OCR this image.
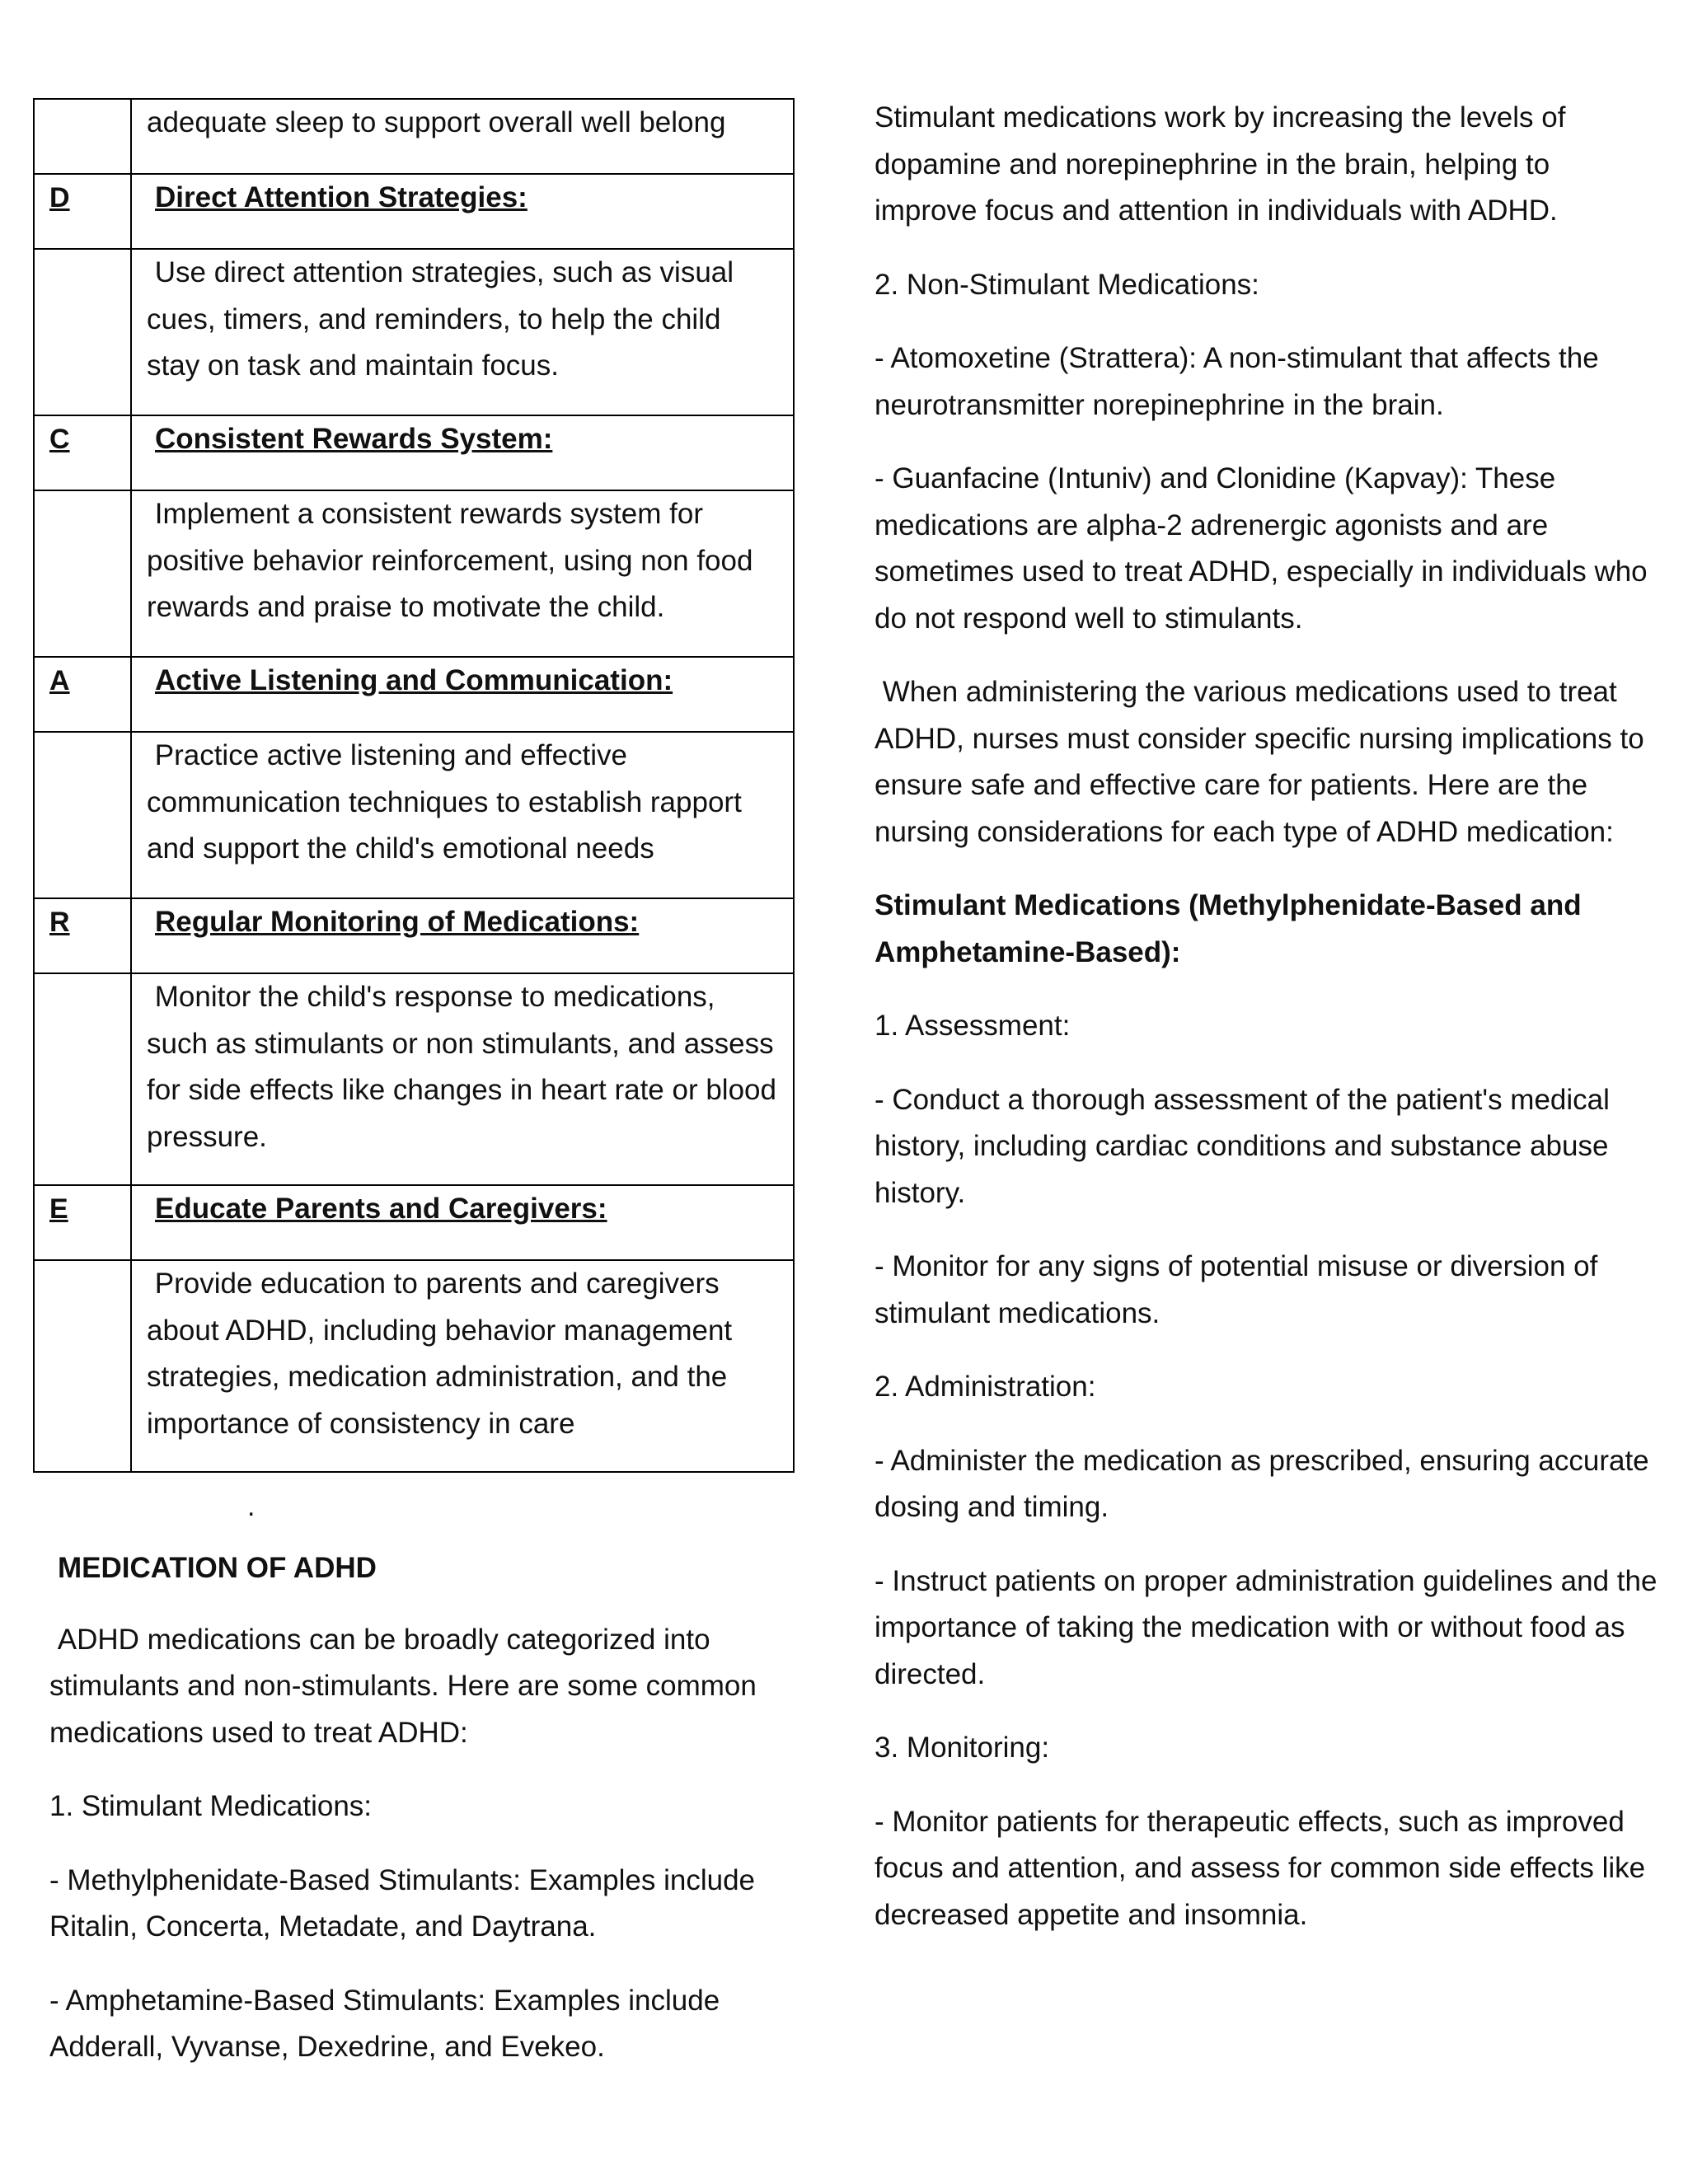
	adequate sleep to support overall well belong
D	Direct Attention Strategies:
	Use direct attention strategies, such as visual cues, timers, and reminders, to help the child stay on task and maintain focus.
C	Consistent Rewards System:
	Implement a consistent rewards system for positive behavior reinforcement, using non food rewards and praise to motivate the child.
A	Active Listening and Communication:
	Practice active listening and effective communication techniques to establish rapport and support the child's emotional needs
R	Regular Monitoring of Medications:
	Monitor the child's response to medications, such as stimulants or non stimulants, and assess for side effects like changes in heart rate or blood pressure.
E	Educate Parents and Caregivers:
	Provide education to parents and caregivers about ADHD, including behavior management strategies, medication administration, and the importance of consistency in care
.

MEDICATION OF ADHD

ADHD medications can be broadly categorized into stimulants and non-stimulants. Here are some common medications used to treat ADHD:

1. Stimulant Medications:

- Methylphenidate-Based Stimulants: Examples include Ritalin, Concerta, Metadate, and Daytrana.

- Amphetamine-Based Stimulants: Examples include Adderall, Vyvanse, Dexedrine, and Evekeo.

Stimulant medications work by increasing the levels of dopamine and norepinephrine in the brain, helping to improve focus and attention in individuals with ADHD.

2. Non-Stimulant Medications:

- Atomoxetine (Strattera): A non-stimulant that affects the neurotransmitter norepinephrine in the brain.

- Guanfacine (Intuniv) and Clonidine (Kapvay): These medications are alpha-2 adrenergic agonists and are sometimes used to treat ADHD, especially in individuals who do not respond well to stimulants.

When administering the various medications used to treat ADHD, nurses must consider specific nursing implications to ensure safe and effective care for patients. Here are the nursing considerations for each type of ADHD medication:

Stimulant Medications (Methylphenidate-Based and Amphetamine-Based):

1. Assessment:

- Conduct a thorough assessment of the patient's medical history, including cardiac conditions and substance abuse history.

- Monitor for any signs of potential misuse or diversion of stimulant medications.

2. Administration:

- Administer the medication as prescribed, ensuring accurate dosing and timing.

- Instruct patients on proper administration guidelines and the importance of taking the medication with or without food as directed.

3. Monitoring:

- Monitor patients for therapeutic effects, such as improved focus and attention, and assess for common side effects like decreased appetite and insomnia.
